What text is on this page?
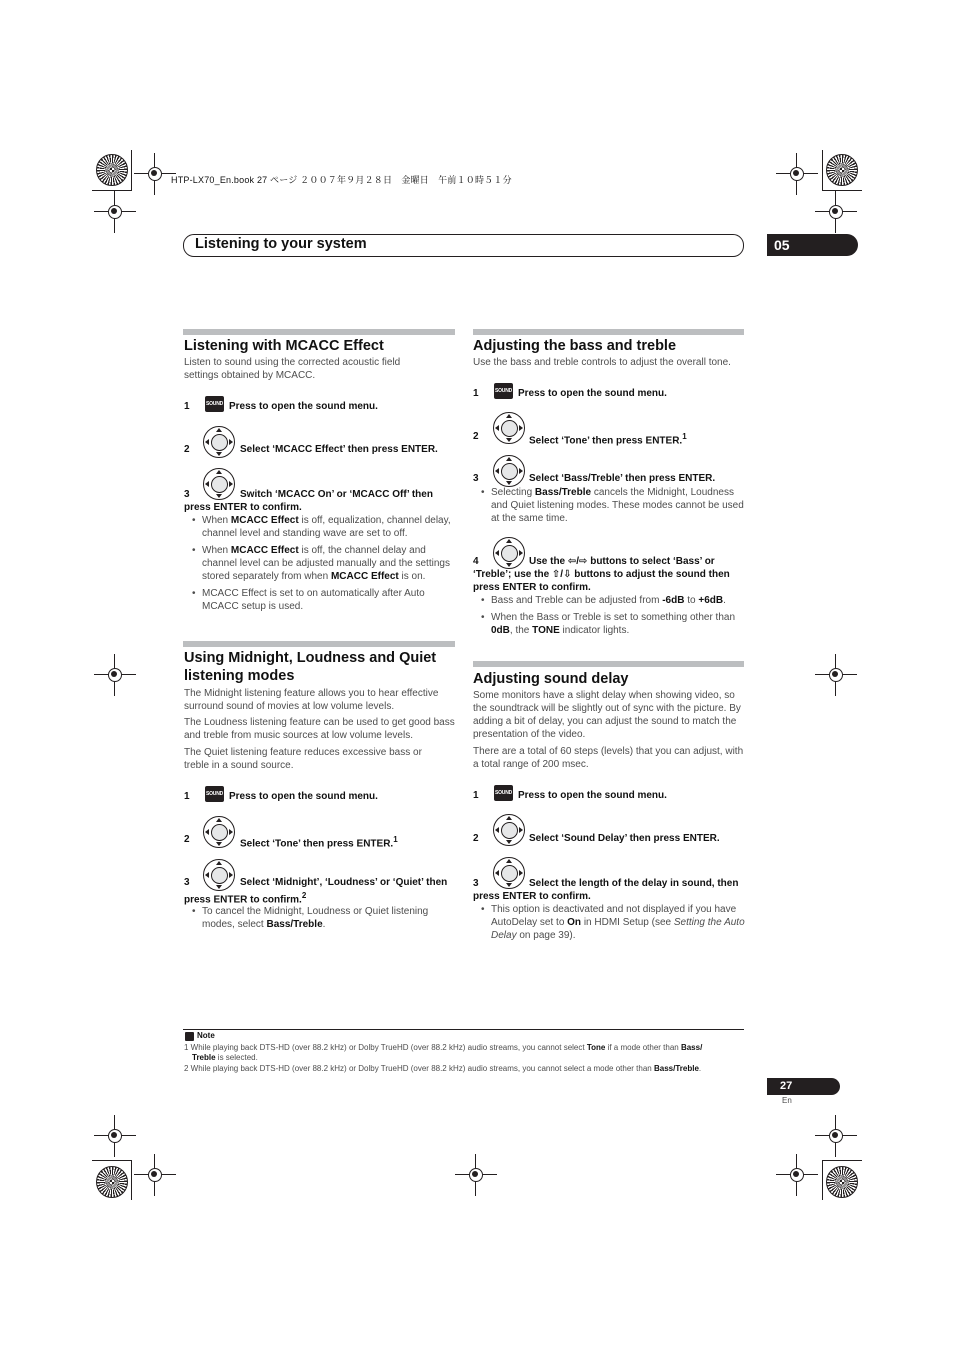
HTP-LX70_En.book 27 ページ ２００７年９月２８日　金曜日　午前１０時５１分
Listening to your system	05
Listening with MCACC Effect

Listen to sound using the corrected acoustic field settings obtained by MCACC.

1	SOUND Press to open the sound menu.
2	Select ‘MCACC Effect’ then press ENTER.
3	Switch ‘MCACC On’ or ‘MCACC Off’ then press ENTER to confirm.
• When MCACC Effect is off, equalization, channel delay, channel level and standing wave are set to off.
• When MCACC Effect is off, the channel delay and channel level can be adjusted manually and the settings stored separately from when MCACC Effect is on.
• MCACC Effect is set to on automatically after Auto MCACC setup is used.
Using Midnight, Loudness and Quiet listening modes

The Midnight listening feature allows you to hear effective surround sound of movies at low volume levels.

The Loudness listening feature can be used to get good bass and treble from music sources at low volume levels.

The Quiet listening feature reduces excessive bass or treble in a sound source.

1	SOUND Press to open the sound menu.
2	Select ‘Tone’ then press ENTER.$^1$
3	Select ‘Midnight’, ‘Loudness’ or ‘Quiet’ then press ENTER to confirm.$^2$
• To cancel the Midnight, Loudness or Quiet listening modes, select Bass/Treble.
Adjusting the bass and treble

Use the bass and treble controls to adjust the overall tone.

1	SOUND Press to open the sound menu.
2	Select ‘Tone’ then press ENTER.$^1$
3	Select ‘Bass/Treble’ then press ENTER.
• Selecting Bass/Treble cancels the Midnight, Loudness and Quiet listening modes. These modes cannot be used at the same time.
4	Use the ⇦/⇨ buttons to select ‘Bass’ or ‘Treble’; use the ⇧/⇩ buttons to adjust the sound then press ENTER to confirm.
• Bass and Treble can be adjusted from -6dB to +6dB.
• When the Bass or Treble is set to something other than 0dB, the TONE indicator lights.
Adjusting sound delay

Some monitors have a slight delay when showing video, so the soundtrack will be slightly out of sync with the picture. By adding a bit of delay, you can adjust the sound to match the presentation of the video.

There are a total of 60 steps (levels) that you can adjust, with a total range of 200 msec.

1	SOUND Press to open the sound menu.
2	Select ‘Sound Delay’ then press ENTER.
3	Select the length of the delay in sound, then press ENTER to confirm.
• This option is deactivated and not displayed if you have AutoDelay set to On in HDMI Setup (see Setting the Auto Delay on page 39).
Note
1 While playing back DTS-HD (over 88.2 kHz) or Dolby TrueHD (over 88.2 kHz) audio streams, you cannot select Tone if a mode other than Bass/
Treble is selected.
2 While playing back DTS-HD (over 88.2 kHz) or Dolby TrueHD (over 88.2 kHz) audio streams, you cannot select a mode other than Bass/Treble.
27
En
